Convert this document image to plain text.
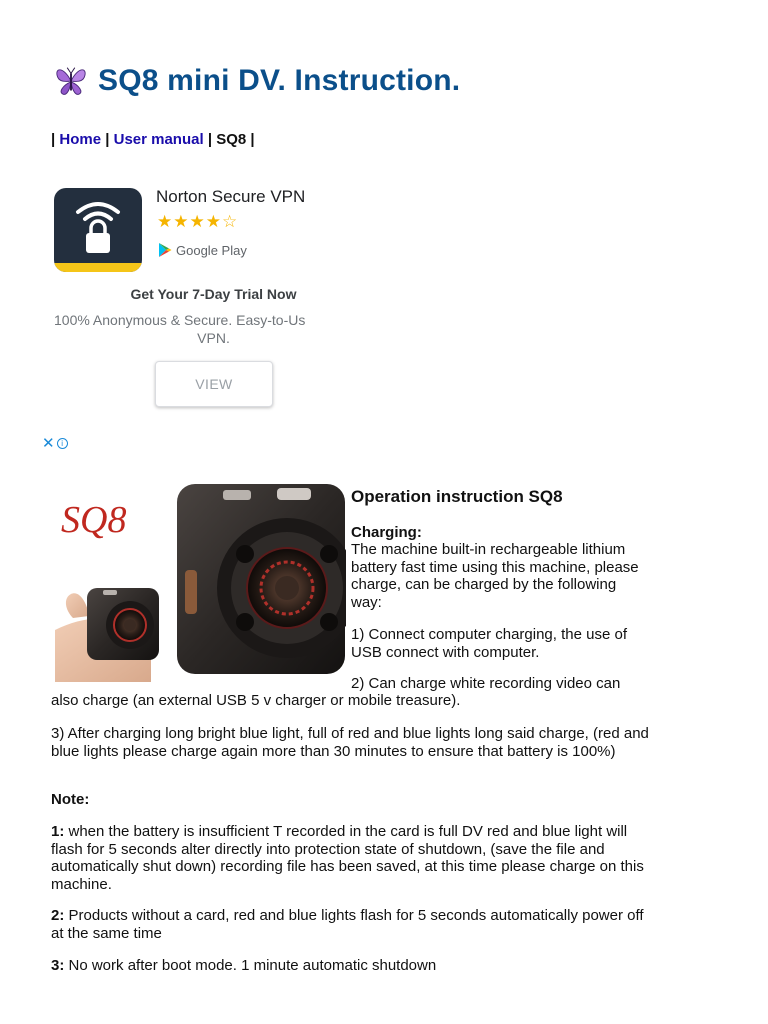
SQ8 mini DV. Instruction.
| Home | User manual | SQ8 |
Norton Secure VPN
★★★★☆
Google Play
Get Your 7-Day Trial Now
100% Anonymous & Secure. Easy-to-Us
VPN.
VIEW
✕ i
SQ8
Operation instruction SQ8
Charging:
The machine built-in rechargeable lithium battery fast time using this machine, please charge, can be charged by the following way:
1) Connect computer charging, the use of USB connect with computer.
2) Can charge white recording video can
also charge (an external USB 5 v charger or mobile treasure).
3) After charging long bright blue light, full of red and blue lights long said charge, (red and blue lights please charge again more than 30 minutes to ensure that battery is 100%)
Note:
1: when the battery is insufficient T recorded in the card is full DV red and blue light will flash for 5 seconds alter directly into protection state of shutdown, (save the file and automatically shut down) recording file has been saved, at this time please charge on this machine.
2: Products without a card, red and blue lights flash for 5 seconds automatically power off at the same time
3: No work after boot mode. 1 minute automatic shutdown
